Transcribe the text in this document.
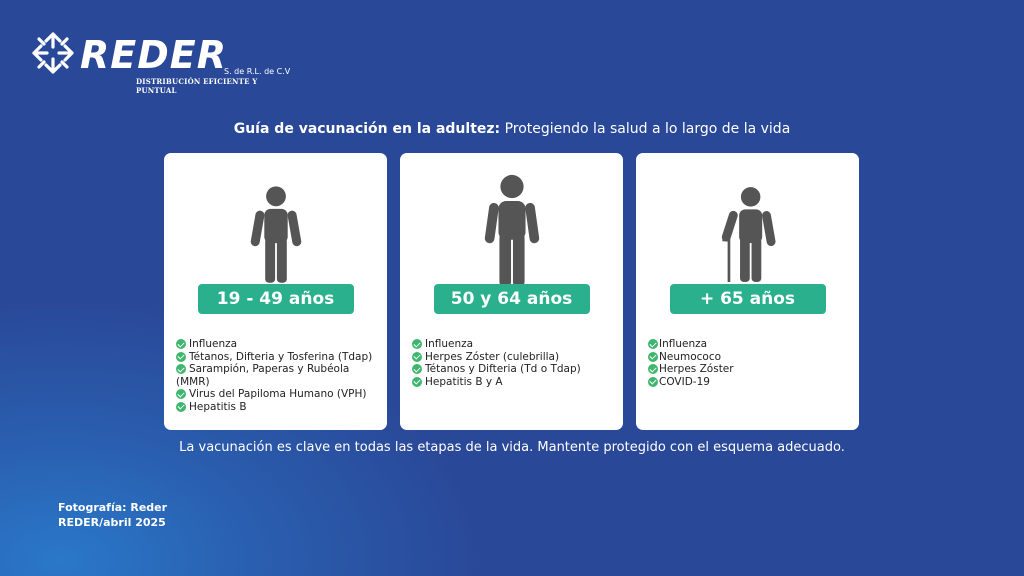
REDER
S. de R.L. de C.V
DISTRIBUCIÓN EFICIENTE Y PUNTUAL
Guía de vacunación en la adultez: Protegiendo la salud a lo largo de la vida
19 - 49 años
Influenza
Tétanos, Difteria y Tosferina (Tdap)
Sarampión, Paperas y Rubéola (MMR)
Virus del Papiloma Humano (VPH)
Hepatitis B
50 y 64 años
Influenza
Herpes Zóster (culebrilla)
Tétanos y Difteria (Td o Tdap)
Hepatitis B y A
+ 65 años
Influenza
Neumococo
Herpes Zóster
COVID-19
La vacunación es clave en todas las etapas de la vida. Mantente protegido con el esquema adecuado.
Fotografía: Reder
REDER/abril 2025
